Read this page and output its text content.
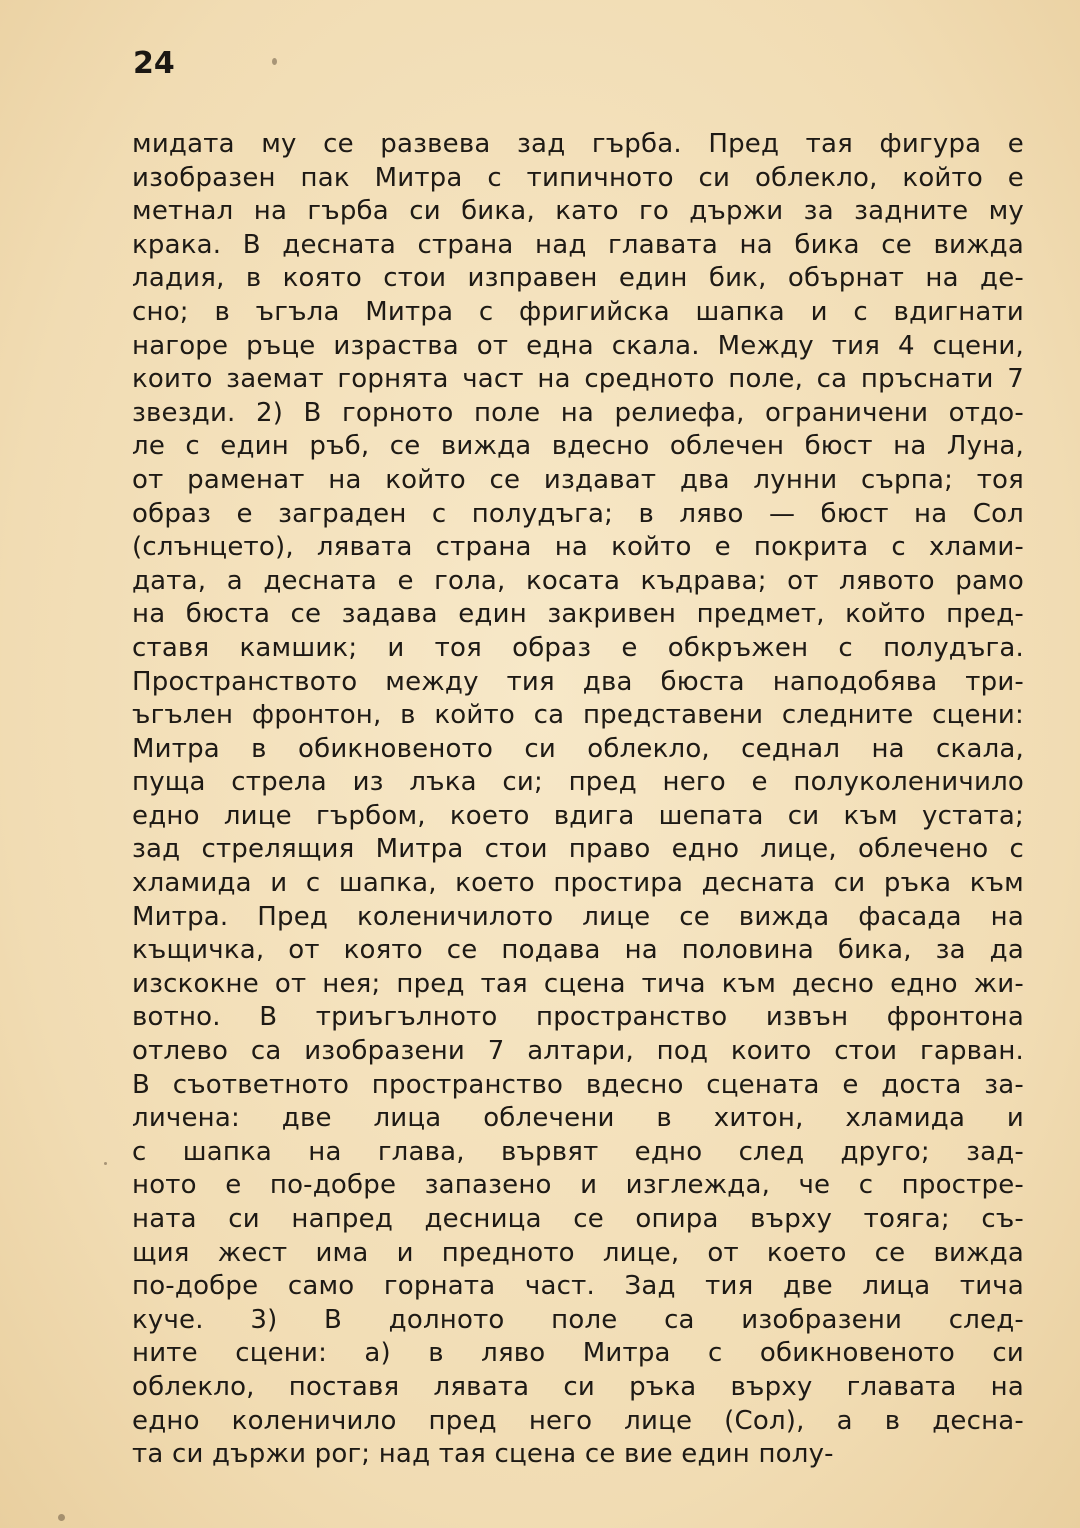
24
мидата му се развева зад гърба. Пред тая фигура е
изобразен пак Митра с типичното си облекло, който е
метнал на гърба си бика, като го държи за задните му
крака. В десната страна над главата на бика се вижда
ладия, в която стои изправен един бик, обърнат на де-
сно; в ъгъла Митра с фригийска шапка и с вдигнати
нагоре ръце израства от една скала. Между тия 4 сцени,
които заемат горнята част на средното поле, са пръснати 7
звезди. 2) В горното поле на релиефа, ограничени отдо-
ле с един ръб, се вижда вдесно облечен бюст на Луна,
от раменат на който се издават два лунни сърпа; тоя
образ е заграден с полудъга; в ляво — бюст на Сол
(слънцето), лявата страна на който е покрита с хлами-
дата, а десната е гола, косата къдрава; от лявото рамо
на бюста се задава един закривен предмет, който пред-
ставя камшик; и тоя образ е обкръжен с полудъга.
Пространството между тия два бюста наподобява три-
ъгълен фронтон, в който са представени следните сцени:
Митра в обикновеното си облекло, седнал на скала,
пуща стрела из лъка си; пред него е полуколеничило
едно лице гърбом, което вдига шепата си към устата;
зад стрелящия Митра стои право едно лице, облечено с
хламида и с шапка, което простира десната си ръка към
Митра. Пред коленичилото лице се вижда фасада на
къщичка, от която се подава на половина бика, за да
изскокне от нея; пред тая сцена тича към десно едно жи-
вотно. В триъгълното пространство извън фронтона
отлево са изобразени 7 алтари, под които стои гарван.
В съответното пространство вдесно сцената е доста за-
личена: две лица облечени в хитон, хламида и
с шапка на глава, вървят едно след друго; зад-
ното е по-добре запазено и изглежда, че с простре-
ната си напред десница се опира върху тояга; съ-
щия жест има и предното лице, от което се вижда
по-добре само горната част. Зад тия две лица тича
куче. 3) В долното поле са изобразени след-
ните сцени: а) в ляво Митра с обикновеното си
облекло, поставя лявата си ръка върху главата на
едно коленичило пред него лице (Сол), а в десна-
та си държи рог; над тая сцена се вие един полу-
